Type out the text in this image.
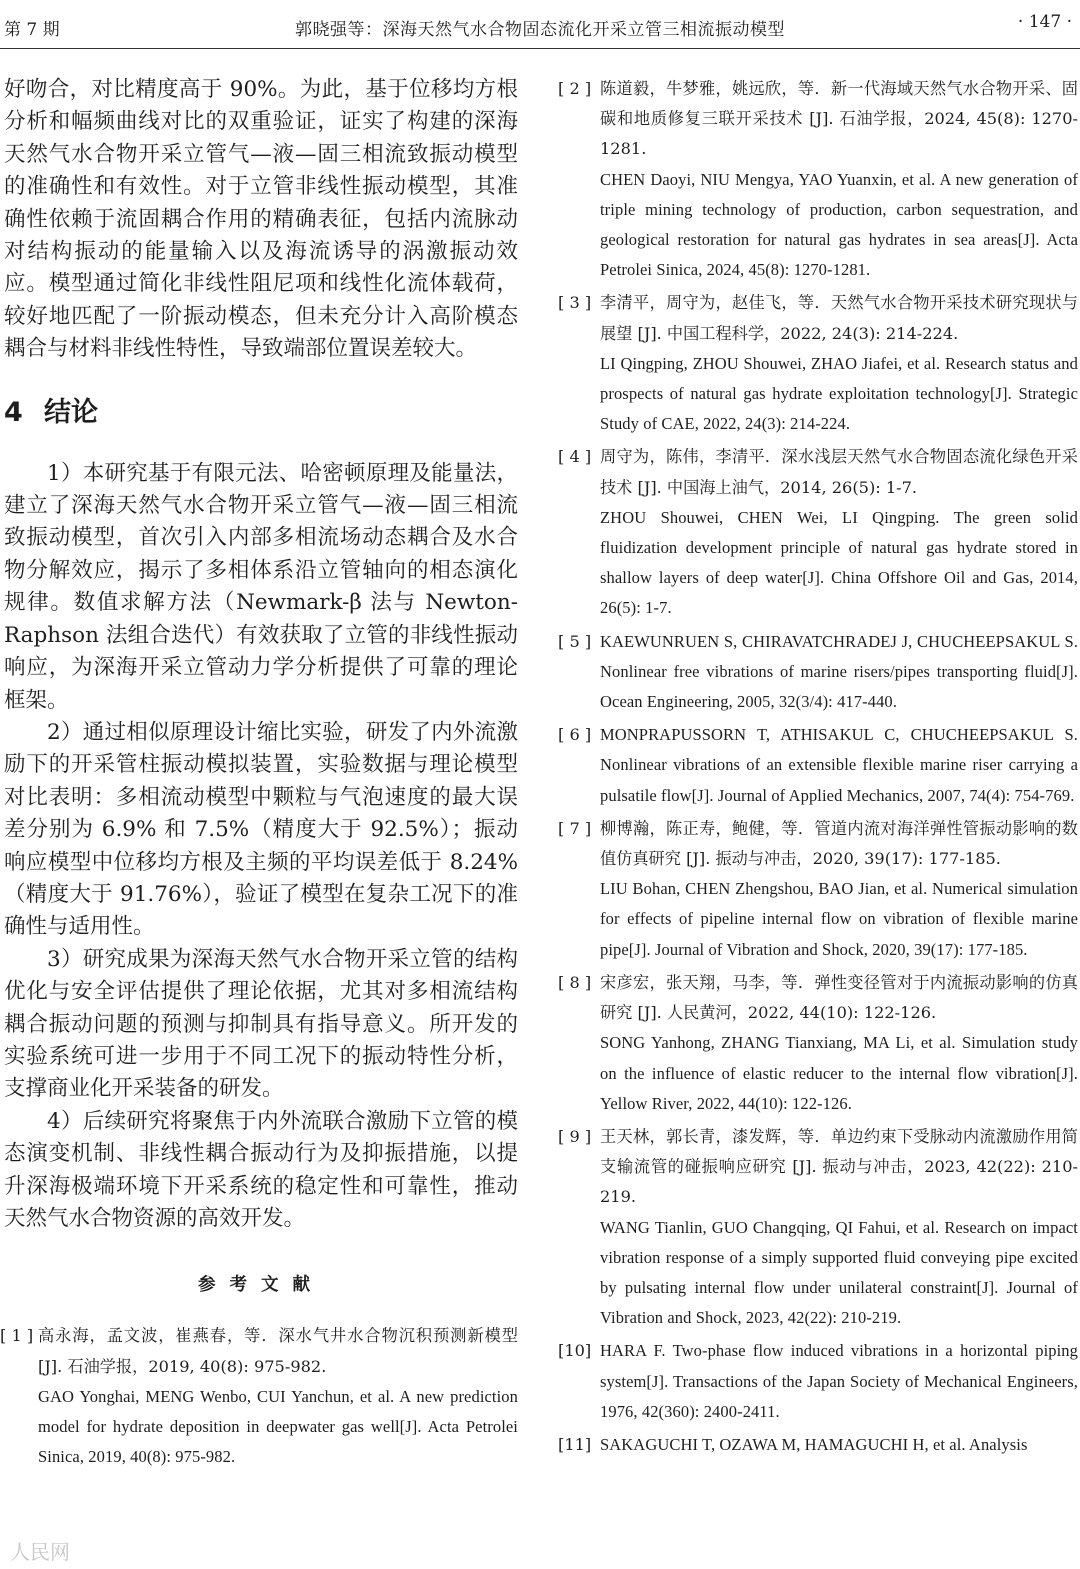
第 7 期	郭晓强等：深海天然气水合物固态流化开采立管三相流振动模型	· 147 ·

好吻合，对比精度高于 90%。为此，基于位移均方根分析和幅频曲线对比的双重验证，证实了构建的深海天然气水合物开采立管气—液—固三相流致振动模型的准确性和有效性。对于立管非线性振动模型，其准确性依赖于流固耦合作用的精确表征，包括内流脉动对结构振动的能量输入以及海流诱导的涡激振动效应。模型通过简化非线性阻尼项和线性化流体载荷，较好地匹配了一阶振动模态，但未充分计入高阶模态耦合与材料非线性特性，导致端部位置误差较大。

4 结论

1）本研究基于有限元法、哈密顿原理及能量法，建立了深海天然气水合物开采立管气—液—固三相流致振动模型，首次引入内部多相流场动态耦合及水合物分解效应，揭示了多相体系沿立管轴向的相态演化规律。数值求解方法（Newmark-β 法与 Newton-Raphson 法组合迭代）有效获取了立管的非线性振动响应，为深海开采立管动力学分析提供了可靠的理论框架。

2）通过相似原理设计缩比实验，研发了内外流激励下的开采管柱振动模拟装置，实验数据与理论模型对比表明：多相流动模型中颗粒与气泡速度的最大误差分别为 6.9% 和 7.5%（精度大于 92.5%）；振动响应模型中位移均方根及主频的平均误差低于 8.24%（精度大于 91.76%），验证了模型在复杂工况下的准确性与适用性。

3）研究成果为深海天然气水合物开采立管的结构优化与安全评估提供了理论依据，尤其对多相流结构耦合振动问题的预测与抑制具有指导意义。所开发的实验系统可进一步用于不同工况下的振动特性分析，支撑商业化开采装备的研发。

4）后续研究将聚焦于内外流联合激励下立管的模态演变机制、非线性耦合振动行为及抑振措施，以提升深海极端环境下开采系统的稳定性和可靠性，推动天然气水合物资源的高效开发。

参考文献
[ 1 ] 高永海，孟文波，崔燕春，等．深水气井水合物沉积预测新模型 [J]. 石油学报，2019, 40(8): 975-982.

GAO Yonghai, MENG Wenbo, CUI Yanchun, et al. A new prediction model for hydrate deposition in deepwater gas well[J]. Acta Petrolei Sinica, 2019, 40(8): 975-982.

[ 2 ] 陈道毅，牛梦雅，姚远欣，等．新一代海域天然气水合物开采、固碳和地质修复三联开采技术 [J]. 石油学报，2024, 45(8): 1270-1281.

CHEN Daoyi, NIU Mengya, YAO Yuanxin, et al. A new generation of triple mining technology of production, carbon sequestration, and geological restoration for natural gas hydrates in sea areas[J]. Acta Petrolei Sinica, 2024, 45(8): 1270-1281.

[ 3 ] 李清平，周守为，赵佳飞，等．天然气水合物开采技术研究现状与展望 [J]. 中国工程科学，2022, 24(3): 214-224.

LI Qingping, ZHOU Shouwei, ZHAO Jiafei, et al. Research status and prospects of natural gas hydrate exploitation technology[J]. Strategic Study of CAE, 2022, 24(3): 214-224.

[ 4 ] 周守为，陈伟，李清平．深水浅层天然气水合物固态流化绿色开采技术 [J]. 中国海上油气，2014, 26(5): 1-7.

ZHOU Shouwei, CHEN Wei, LI Qingping. The green solid fluidization development principle of natural gas hydrate stored in shallow layers of deep water[J]. China Offshore Oil and Gas, 2014, 26(5): 1-7.

[ 5 ] KAEWUNRUEN S, CHIRAVATCHRADEJ J, CHUCHEEPSAKUL S. Nonlinear free vibrations of marine risers/pipes transporting fluid[J]. Ocean Engineering, 2005, 32(3/4): 417-440.

[ 6 ] MONPRAPUSSORN T, ATHISAKUL C, CHUCHEEPSAKUL S. Nonlinear vibrations of an extensible flexible marine riser carrying a pulsatile flow[J]. Journal of Applied Mechanics, 2007, 74(4): 754-769.

[ 7 ] 柳博瀚，陈正寿，鲍健，等．管道内流对海洋弹性管振动影响的数值仿真研究 [J]. 振动与冲击，2020, 39(17): 177-185.

LIU Bohan, CHEN Zhengshou, BAO Jian, et al. Numerical simulation for effects of pipeline internal flow on vibration of flexible marine pipe[J]. Journal of Vibration and Shock, 2020, 39(17): 177-185.

[ 8 ] 宋彦宏，张天翔，马李，等．弹性变径管对于内流振动影响的仿真研究 [J]. 人民黄河，2022, 44(10): 122-126.

SONG Yanhong, ZHANG Tianxiang, MA Li, et al. Simulation study on the influence of elastic reducer to the internal flow vibration[J]. Yellow River, 2022, 44(10): 122-126.

[ 9 ] 王天林，郭长青，漆发辉，等．单边约束下受脉动内流激励作用简支输流管的碰振响应研究 [J]. 振动与冲击，2023, 42(22): 210-219.

WANG Tianlin, GUO Changqing, QI Fahui, et al. Research on impact vibration response of a simply supported fluid conveying pipe excited by pulsating internal flow under unilateral constraint[J]. Journal of Vibration and Shock, 2023, 42(22): 210-219.

[10] HARA F. Two-phase flow induced vibrations in a horizontal piping system[J]. Transactions of the Japan Society of Mechanical Engineers, 1976, 42(360): 2400-2411.

[11] SAKAGUCHI T, OZAWA M, HAMAGUCHI H, et al. Analysis

人民网
